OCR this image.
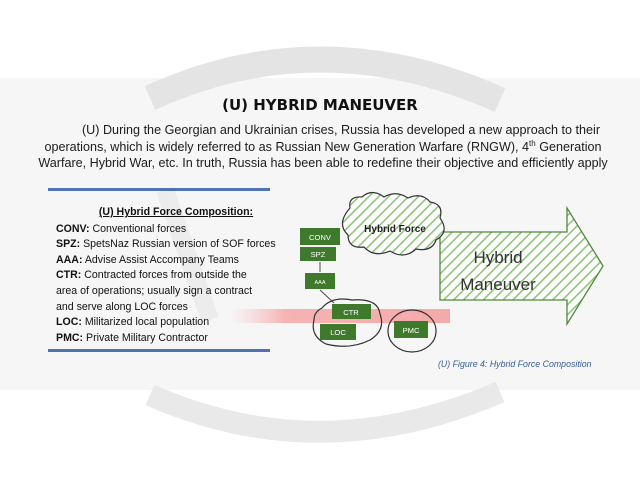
(U) HYBRID MANEUVER
(U) During the Georgian and Ukrainian crises, Russia has developed a new approach to their
operations, which is widely referred to as Russian New Generation Warfare (RNGW), 4th Generation
Warfare, Hybrid War, etc. In truth, Russia has been able to redefine their objective and efficiently apply
(U) Hybrid Force Composition:
CONV: Conventional forces
SPZ: SpetsNaz Russian version of SOF forces
AAA: Advise Assist Accompany Teams
CTR: Contracted forces from outside the
area of operations; usually sign a contract
and serve along LOC forces
LOC: Militarized local population
PMC: Private Military Contractor
Hybrid
Maneuver
Hybrid Force
CONV
SPZ
AAA
CTR
LOC	PMC
(U) Figure 4: Hybrid Force Composition
